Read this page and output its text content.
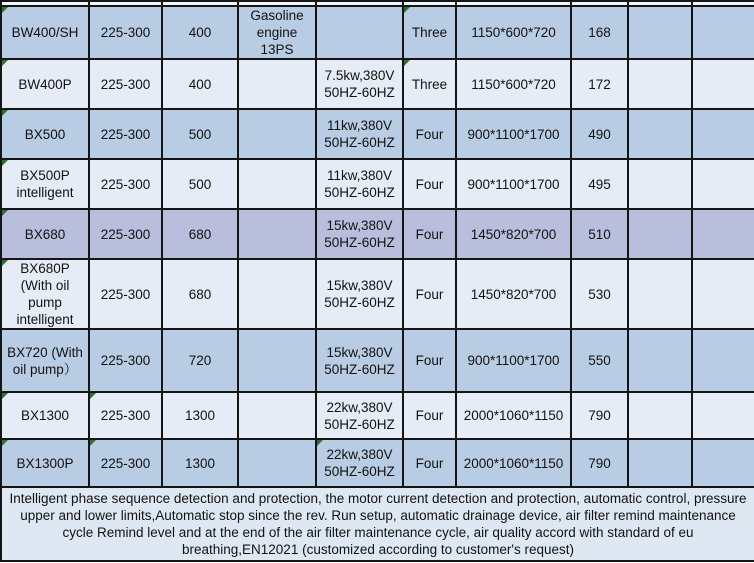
BW400/SH	225-300	400	Gasoline engine 13PS		Three	1150*600*720	168		
BW400P	225-300	400		7.5kw,380V 50HZ-60HZ	Three	1150*600*720	172		
BX500	225-300	500		11kw,380V 50HZ-60HZ	Four	900*1100*1700	490		
BX500P intelligent	225-300	500		11kw,380V 50HZ-60HZ	Four	900*1100*1700	495		
BX680	225-300	680		15kw,380V 50HZ-60HZ	Four	1450*820*700	510		
BX680P (With oil pump intelligent	225-300	680		15kw,380V 50HZ-60HZ	Four	1450*820*700	530		
BX720 (With oil pump）	225-300	720		15kw,380V 50HZ-60HZ	Four	900*1100*1700	550		
BX1300	225-300	1300		22kw,380V 50HZ-60HZ	Four	2000*1060*1150	790		
BX1300P	225-300	1300		22kw,380V 50HZ-60HZ	Four	2000*1060*1150	790		
Intelligent phase sequence detection and protection, the motor current detection and protection, automatic control, pressure upper and lower limits,Automatic stop since the rev. Run setup, automatic drainage device, air filter remind maintenance cycle Remind level and at the end of the air filter maintenance cycle, air quality accord with standard of eu breathing,EN12021 (customized according to customer's request)									
